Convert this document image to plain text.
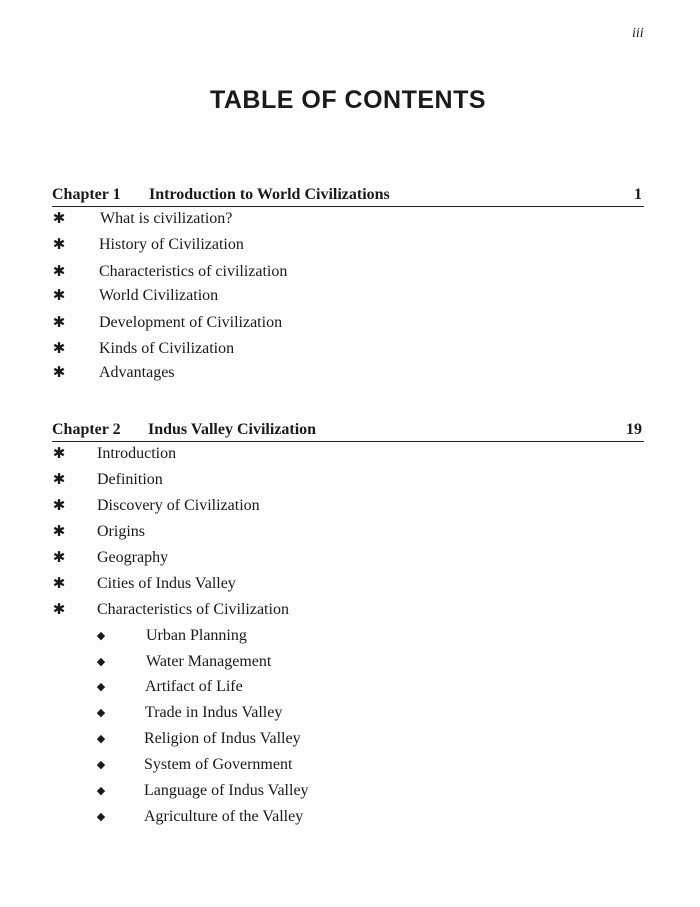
iii
TABLE OF CONTENTS
Chapter 1 Introduction to World Civilizations	1
✱ What is civilization?
✱ History of Civilization
✱ Characteristics of civilization
✱ World Civilization
✱ Development of Civilization
✱ Kinds of Civilization
✱ Advantages
Chapter 2 Indus Valley Civilization	19
✱ Introduction
✱ Definition
✱ Discovery of Civilization
✱ Origins
✱ Geography
✱ Cities of Indus Valley
✱ Characteristics of Civilization
◆	Urban Planning
◆	Water Management
◆ Artifact of Life
◆ Trade in Indus Valley
◆ Religion of Indus Valley
◆ System of Government
◆ Language of Indus Valley
◆ Agriculture of the Valley
